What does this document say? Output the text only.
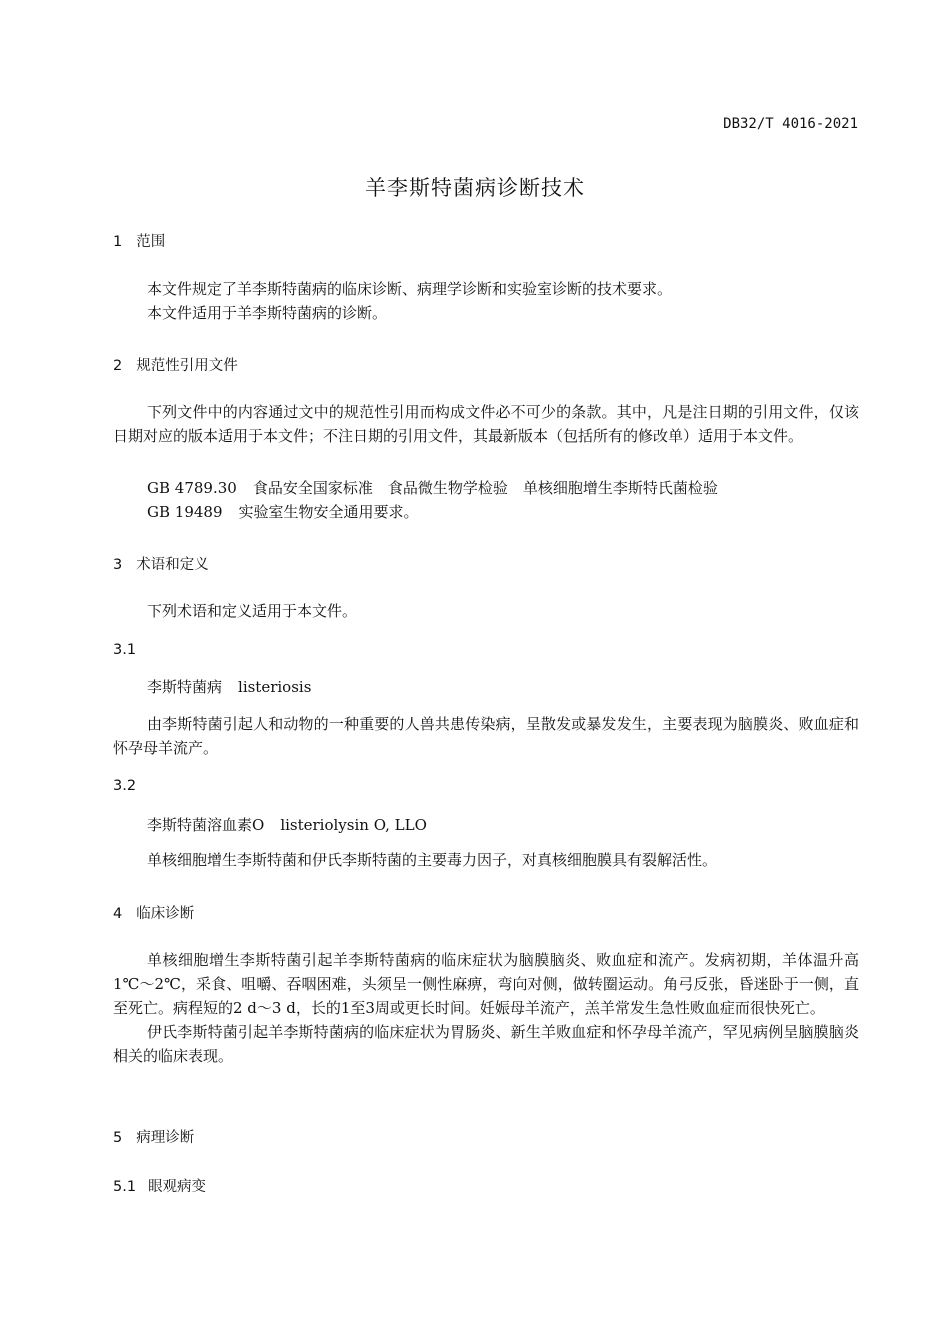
DB32/T 4016-2021
羊李斯特菌病诊断技术
1 范围
本文件规定了羊李斯特菌病的临床诊断、病理学诊断和实验室诊断的技术要求。
本文件适用于羊李斯特菌病的诊断。
2 规范性引用文件
下列文件中的内容通过文中的规范性引用而构成文件必不可少的条款。其中，凡是注日期的引用文件，仅该日期对应的版本适用于本文件；不注日期的引用文件，其最新版本（包括所有的修改单）适用于本文件。
GB 4789.30 食品安全国家标准　食品微生物学检验　单核细胞增生李斯特氏菌检验
GB 19489 实验室生物安全通用要求。
3 术语和定义
下列术语和定义适用于本文件。
3.1
李斯特菌病 listeriosis
由李斯特菌引起人和动物的一种重要的人兽共患传染病，呈散发或暴发发生，主要表现为脑膜炎、败血症和怀孕母羊流产。
3.2
李斯特菌溶血素O listeriolysin O, LLO
单核细胞增生李斯特菌和伊氏李斯特菌的主要毒力因子，对真核细胞膜具有裂解活性。
4 临床诊断
单核细胞增生李斯特菌引起羊李斯特菌病的临床症状为脑膜脑炎、败血症和流产。发病初期，羊体温升高1℃～2℃，采食、咀嚼、吞咽困难，头须呈一侧性麻痹，弯向对侧，做转圈运动。角弓反张，昏迷卧于一侧，直至死亡。病程短的2 d～3 d，长的1至3周或更长时间。妊娠母羊流产，羔羊常发生急性败血症而很快死亡。
伊氏李斯特菌引起羊李斯特菌病的临床症状为胃肠炎、新生羊败血症和怀孕母羊流产，罕见病例呈脑膜脑炎相关的临床表现。
5 病理诊断
5.1 眼观病变
